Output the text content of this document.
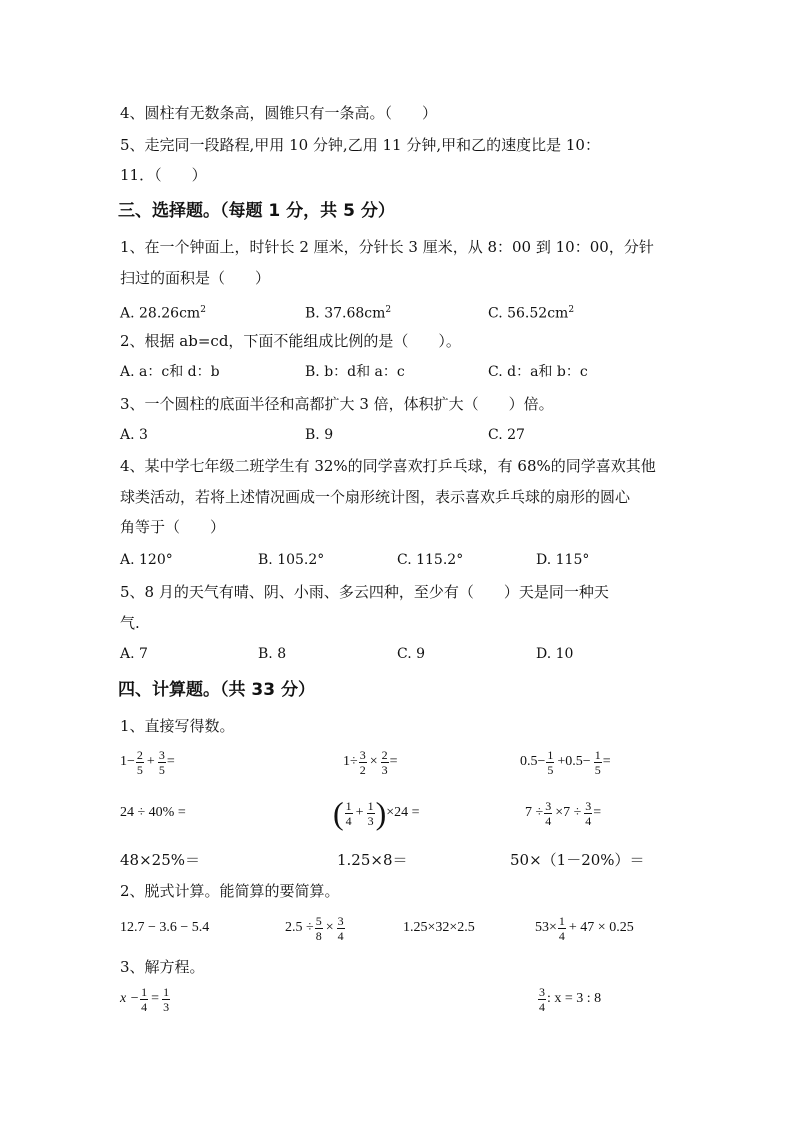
4、圆柱有无数条高，圆锥只有一条高。（　　）
5、走完同一段路程,甲用 10 分钟,乙用 11 分钟,甲和乙的速度比是 10：
11．（　　）
三、选择题。（每题 1 分，共 5 分）
1、在一个钟面上，时针长 2 厘米，分针长 3 厘米，从 8：00 到 10：00，分针
扫过的面积是（　　）
A. $28.26cm^2$	B. $37.68cm^2$	C. $56.52cm^2$
2、根据 ab=cd，下面不能组成比例的是（　　）。
A. a：c和 d：b	B. b：d和 a：c	C. d：a和 b：c
3、一个圆柱的底面半径和高都扩大 3 倍，体积扩大（　　）倍。
A. 3	B. 9	C. 27
4、某中学七年级二班学生有 32%的同学喜欢打乒乓球，有 68%的同学喜欢其他
球类活动，若将上述情况画成一个扇形统计图，表示喜欢乒乓球的扇形的圆心
角等于（　　）
A. 120°	B. 105.2°	C. 115.2°	D. 115°
5、8 月的天气有晴、阴、小雨、多云四种，至少有（　　）天是同一种天
气.
A. 7	B. 8	C. 9	D. 10
四、计算题。（共 33 分）
1、直接写得数。
$1- \frac{2}{5} + \frac{3}{5}$ =	$1\div \frac{3}{2} \times \frac{2}{3}$ =	$0.5- \frac{1}{5} +0.5- \frac{1}{5}$ =
24 ÷ 40% =	( $\frac{1}{4} + \frac{1}{3}$ ) ×24 =	$7 \div \frac{3}{4} \times 7 \div \frac{3}{4}$ =
48×25%＝	1.25×8＝	50×（1－20%）＝
2、脱式计算。能简算的要简算。
12.7 − 3.6 − 5.4	$2.5 \div \frac{5}{8} \times \frac{3}{4}$	1.25×32×2.5	$53\times \frac{1}{4} + 47 \times 0.25$
3、解方程。
$x - \frac{1}{4} = \frac{1}{3}$	$\frac{3}{4}$ : x = 3 : 8
